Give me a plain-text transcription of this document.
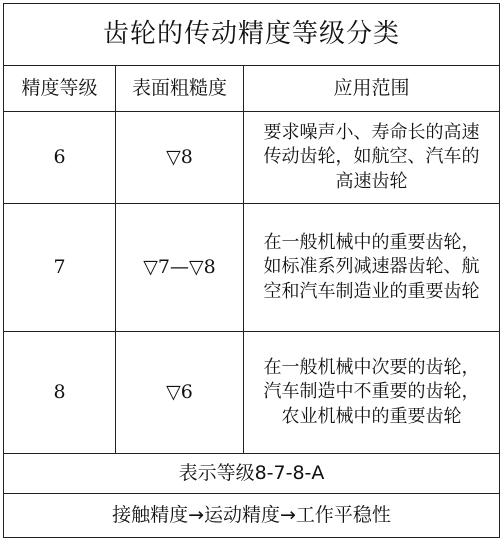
齿轮的传动精度等级分类		
精度等级	表面粗糙度	应用范围
6	▽8	要求噪声小、寿命长的高速
传动齿轮，如航空、汽车的
高速齿轮

7	▽7—▽8	在一般机械中的重要齿轮，
如标准系列减速器齿轮、航
空和汽车制造业的重要齿轮

8	▽6	在一般机械中次要的齿轮，
汽车制造中不重要的齿轮，
农业机械中的重要齿轮

表示等级8-7-8-A		
接触精度→运动精度→工作平稳性		
